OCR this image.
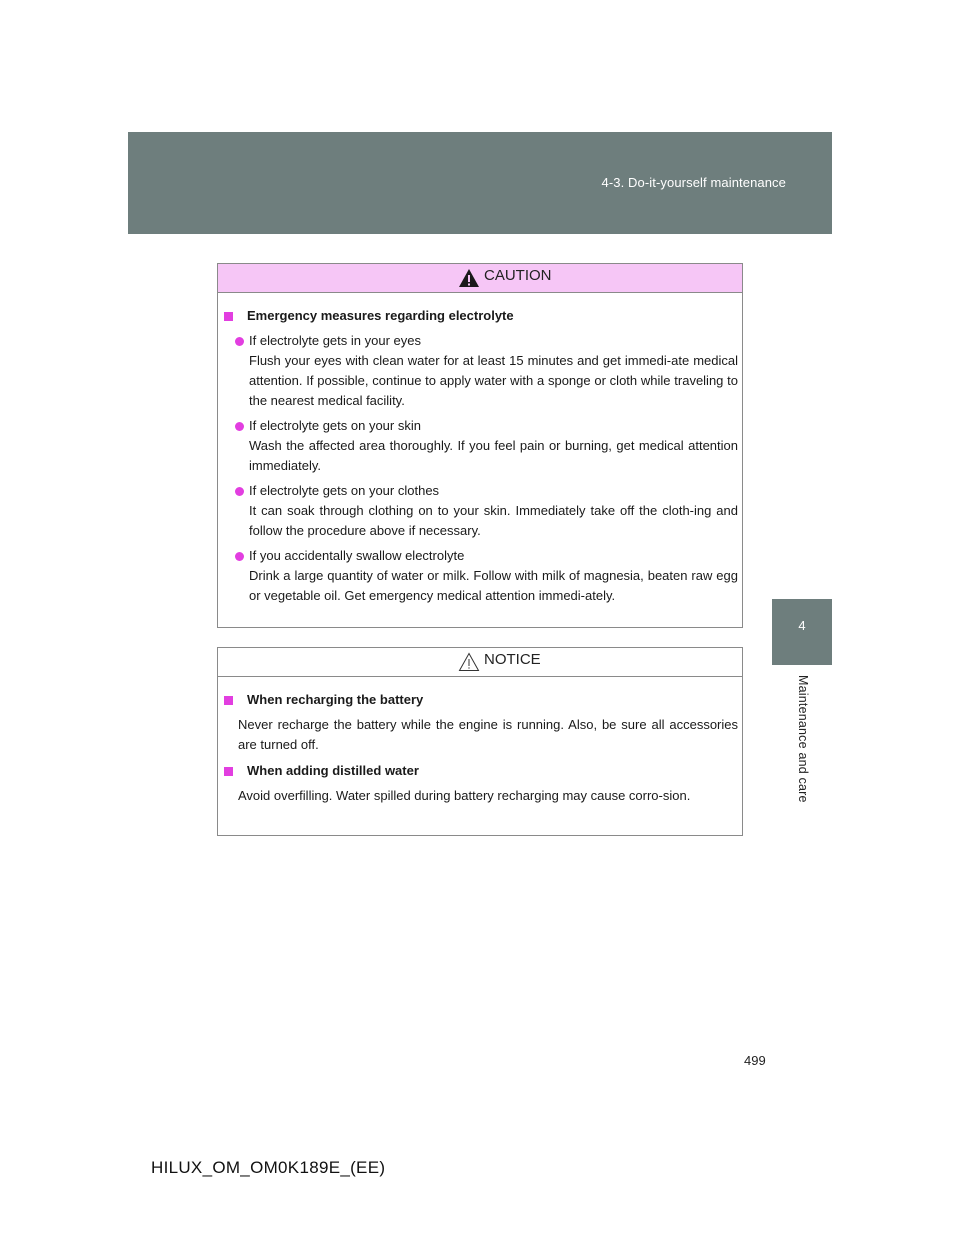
4-3. Do-it-yourself maintenance
4
Maintenance and care
CAUTION
Emergency measures regarding electrolyte
If electrolyte gets in your eyes
Flush your eyes with clean water for at least 15 minutes and get immedi-ate medical attention. If possible, continue to apply water with a sponge or cloth while traveling to the nearest medical facility.
If electrolyte gets on your skin
Wash the affected area thoroughly. If you feel pain or burning, get medical attention immediately.
If electrolyte gets on your clothes
It can soak through clothing on to your skin. Immediately take off the cloth-ing and follow the procedure above if necessary.
If you accidentally swallow electrolyte
Drink a large quantity of water or milk. Follow with milk of magnesia, beaten raw egg or vegetable oil. Get emergency medical attention immedi-ately.
NOTICE
When recharging the battery
Never recharge the battery while the engine is running. Also, be sure all accessories are turned off.
When adding distilled water
Avoid overfilling. Water spilled during battery recharging may cause corro-sion.
499
HILUX_OM_OM0K189E_(EE)
